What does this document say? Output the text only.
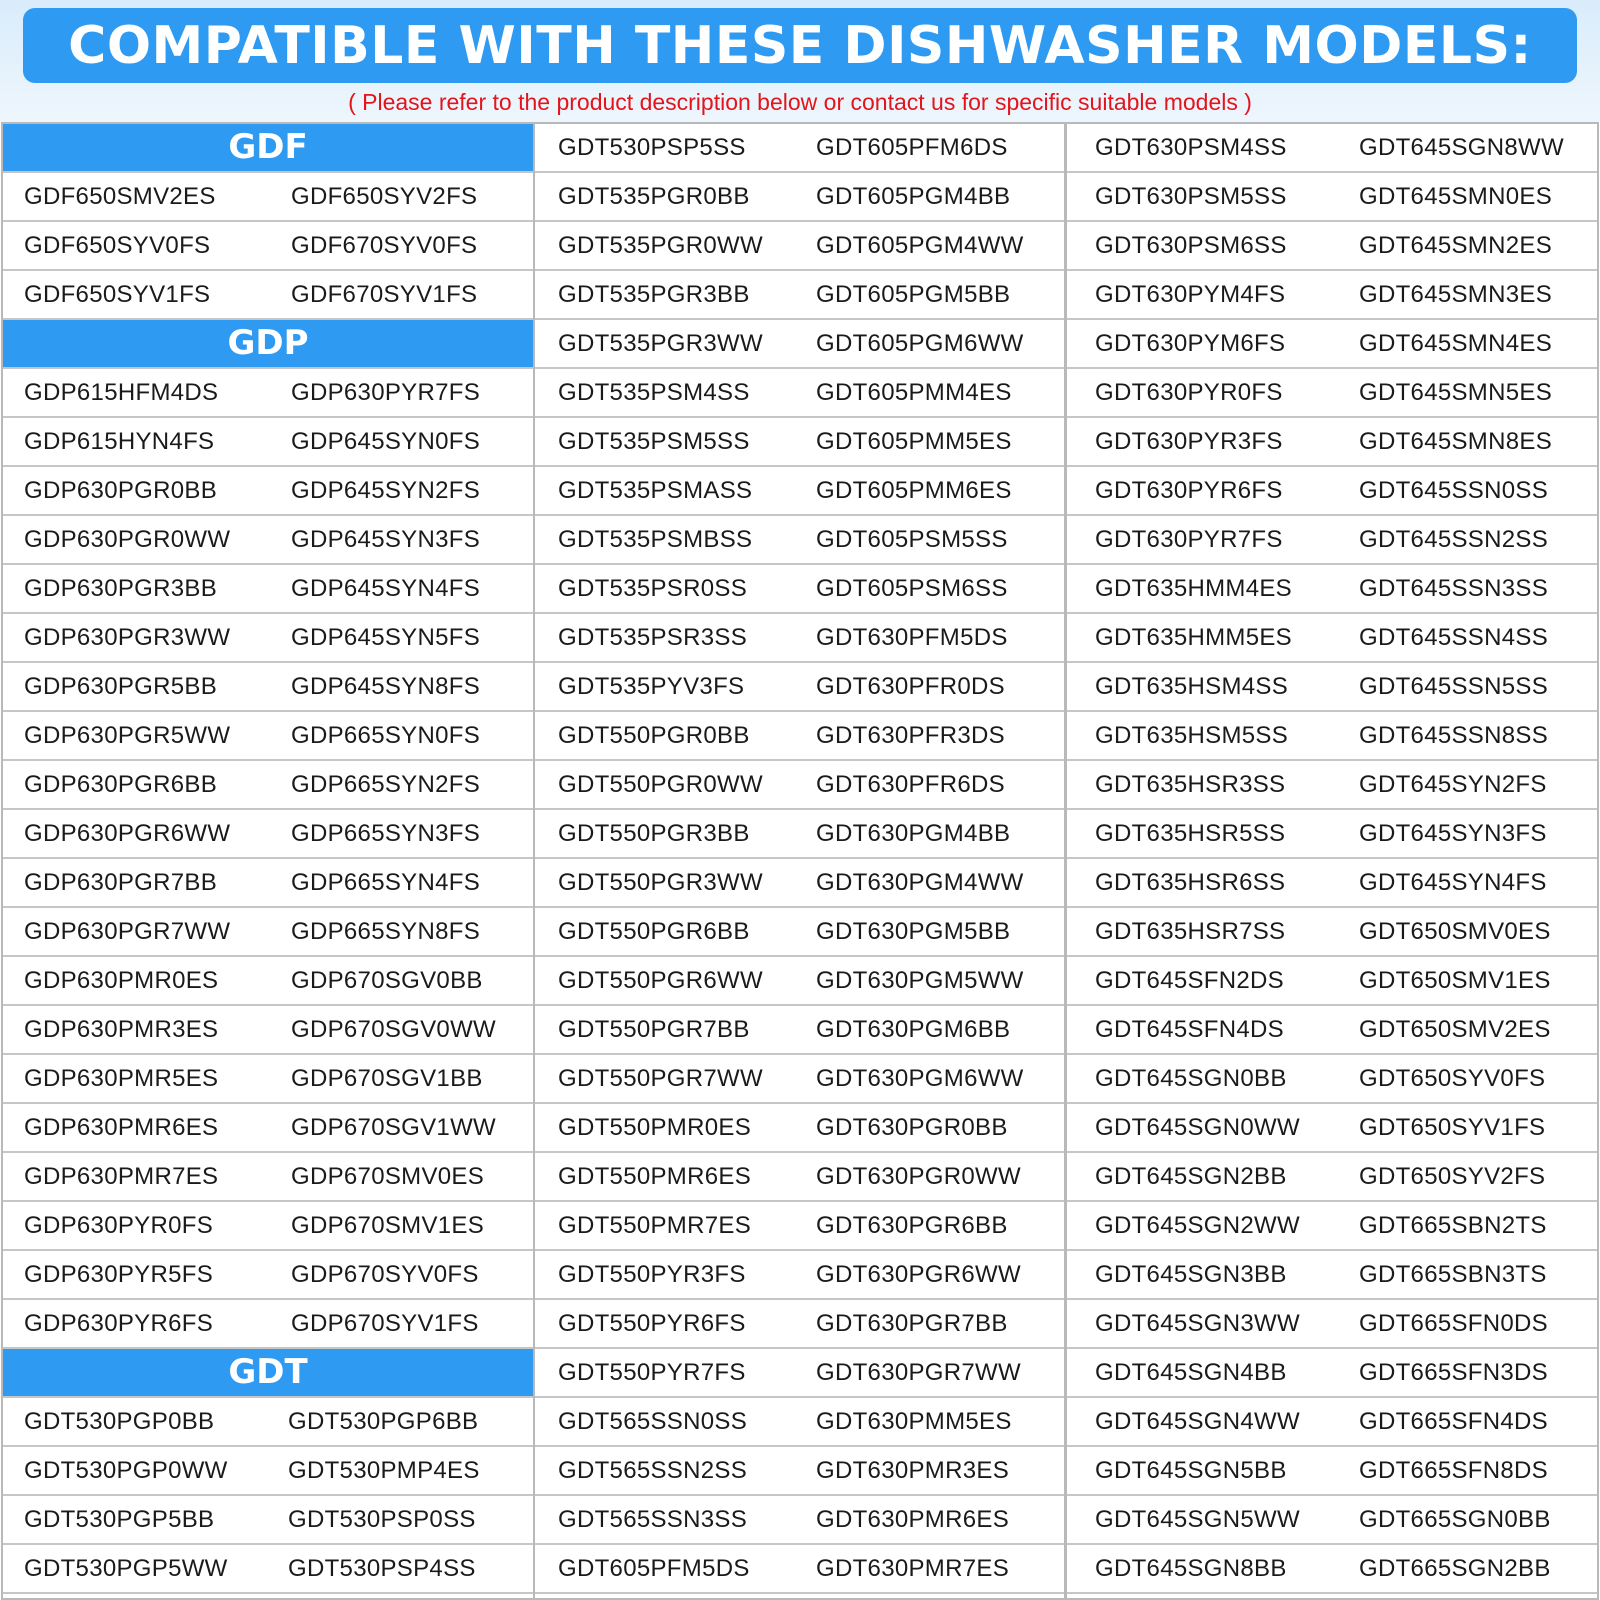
COMPATIBLE WITH THESE DISHWASHER MODELS:
( Please refer to the product description below or contact us for specific suitable models )
GDF
GDF650SMV2ES	GDF650SYV2FS
GDF650SYV0FS	GDF670SYV0FS
GDF650SYV1FS	GDF670SYV1FS
GDP
GDP615HFM4DS	GDP630PYR7FS
GDP615HYN4FS	GDP645SYN0FS
GDP630PGR0BB	GDP645SYN2FS
GDP630PGR0WW	GDP645SYN3FS
GDP630PGR3BB	GDP645SYN4FS
GDP630PGR3WW	GDP645SYN5FS
GDP630PGR5BB	GDP645SYN8FS
GDP630PGR5WW	GDP665SYN0FS
GDP630PGR6BB	GDP665SYN2FS
GDP630PGR6WW	GDP665SYN3FS
GDP630PGR7BB	GDP665SYN4FS
GDP630PGR7WW	GDP665SYN8FS
GDP630PMR0ES	GDP670SGV0BB
GDP630PMR3ES	GDP670SGV0WW
GDP630PMR5ES	GDP670SGV1BB
GDP630PMR6ES	GDP670SGV1WW
GDP630PMR7ES	GDP670SMV0ES
GDP630PYR0FS	GDP670SMV1ES
GDP630PYR5FS	GDP670SYV0FS
GDP630PYR6FS	GDP670SYV1FS
GDT
GDT530PGP0BB	GDT530PGP6BB
GDT530PGP0WW	GDT530PMP4ES
GDT530PGP5BB	GDT530PSP0SS
GDT530PGP5WW	GDT530PSP4SS
GDT530PSP5SS	GDT605PFM6DS
GDT535PGR0BB	GDT605PGM4BB
GDT535PGR0WW GDT605PGM4WW
GDT535PGR3BB	GDT605PGM5BB
GDT535PGR3WW GDT605PGM6WW
GDT535PSM4SS	GDT605PMM4ES
GDT535PSM5SS	GDT605PMM5ES
GDT535PSMASS	GDT605PMM6ES
GDT535PSMBSS	GDT605PSM5SS
GDT535PSR0SS	GDT605PSM6SS
GDT535PSR3SS	GDT630PFM5DS
GDT535PYV3FS	GDT630PFR0DS
GDT550PGR0BB	GDT630PFR3DS
GDT550PGR0WW GDT630PFR6DS
GDT550PGR3BB	GDT630PGM4BB
GDT550PGR3WW GDT630PGM4WW
GDT550PGR6BB	GDT630PGM5BB
GDT550PGR6WW GDT630PGM5WW
GDT550PGR7BB	GDT630PGM6BB
GDT550PGR7WW GDT630PGM6WW
GDT550PMR0ES	GDT630PGR0BB
GDT550PMR6ES	GDT630PGR0WW
GDT550PMR7ES	GDT630PGR6BB
GDT550PYR3FS	GDT630PGR6WW
GDT550PYR6FS	GDT630PGR7BB
GDT550PYR7FS	GDT630PGR7WW
GDT565SSN0SS	GDT630PMM5ES
GDT565SSN2SS	GDT630PMR3ES
GDT565SSN3SS	GDT630PMR6ES
GDT605PFM5DS	GDT630PMR7ES
GDT630PSM4SS	GDT645SGN8WW
GDT630PSM5SS	GDT645SMN0ES
GDT630PSM6SS	GDT645SMN2ES
GDT630PYM4FS	GDT645SMN3ES
GDT630PYM6FS	GDT645SMN4ES
GDT630PYR0FS	GDT645SMN5ES
GDT630PYR3FS	GDT645SMN8ES
GDT630PYR6FS	GDT645SSN0SS
GDT630PYR7FS	GDT645SSN2SS
GDT635HMM4ES	GDT645SSN3SS
GDT635HMM5ES	GDT645SSN4SS
GDT635HSM4SS	GDT645SSN5SS
GDT635HSM5SS	GDT645SSN8SS
GDT635HSR3SS	GDT645SYN2FS
GDT635HSR5SS	GDT645SYN3FS
GDT635HSR6SS	GDT645SYN4FS
GDT635HSR7SS	GDT650SMV0ES
GDT645SFN2DS	GDT650SMV1ES
GDT645SFN4DS	GDT650SMV2ES
GDT645SGN0BB	GDT650SYV0FS
GDT645SGN0WW GDT650SYV1FS
GDT645SGN2BB	GDT650SYV2FS
GDT645SGN2WW GDT665SBN2TS
GDT645SGN3BB	GDT665SBN3TS
GDT645SGN3WW GDT665SFN0DS
GDT645SGN4BB	GDT665SFN3DS
GDT645SGN4WW GDT665SFN4DS
GDT645SGN5BB	GDT665SFN8DS
GDT645SGN5WW GDT665SGN0BB
GDT645SGN8BB	GDT665SGN2BB
